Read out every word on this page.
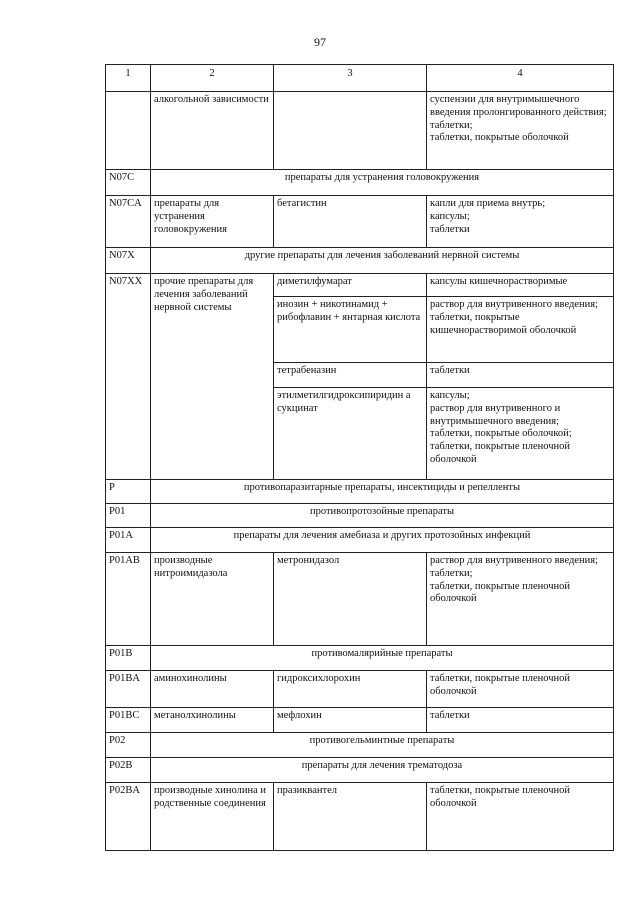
97
1	2	3	4
	алкогольной зависимости		суспензии для внутримышечного введения пролонгированного действия;
таблетки;
таблетки, покрытые оболочкой
N07C	препараты для устранения головокружения		
N07CA	препараты для устранения головокружения	бетагистин	капли для приема внутрь;
капсулы;
таблетки
N07X	другие препараты для лечения заболеваний нервной системы		
N07XX	прочие препараты для лечения заболеваний нервной системы	диметилфумарат	капсулы кишечнорастворимые
		инозин + никотинамид + рибофлавин + янтарная кислота	раствор для внутривенного введения;
таблетки, покрытые кишечнорастворимой оболочкой
		тетрабеназин	таблетки
		этилметилгидроксипиридин а сукцинат	капсулы;
раствор для внутривенного и внутримышечного введения;
таблетки, покрытые оболочкой;
таблетки, покрытые пленочной оболочкой
P	противопаразитарные препараты, инсектициды и репелленты		
P01	противопротозойные препараты		
P01A	препараты для лечения амебиаза и других протозойных инфекций		
P01AB	производные нитроимидазола	метронидазол	раствор для внутривенного введения;
таблетки;
таблетки, покрытые пленочной оболочкой
P01B	противомалярийные препараты		
P01BA	аминохинолины	гидроксихлорохин	таблетки, покрытые пленочной оболочкой
P01BC	метанолхинолины	мефлохин	таблетки
P02	противогельминтные препараты		
P02B	препараты для лечения трематодоза		
P02BA	производные хинолина и родственные соединения	празиквантел	таблетки, покрытые пленочной оболочкой
